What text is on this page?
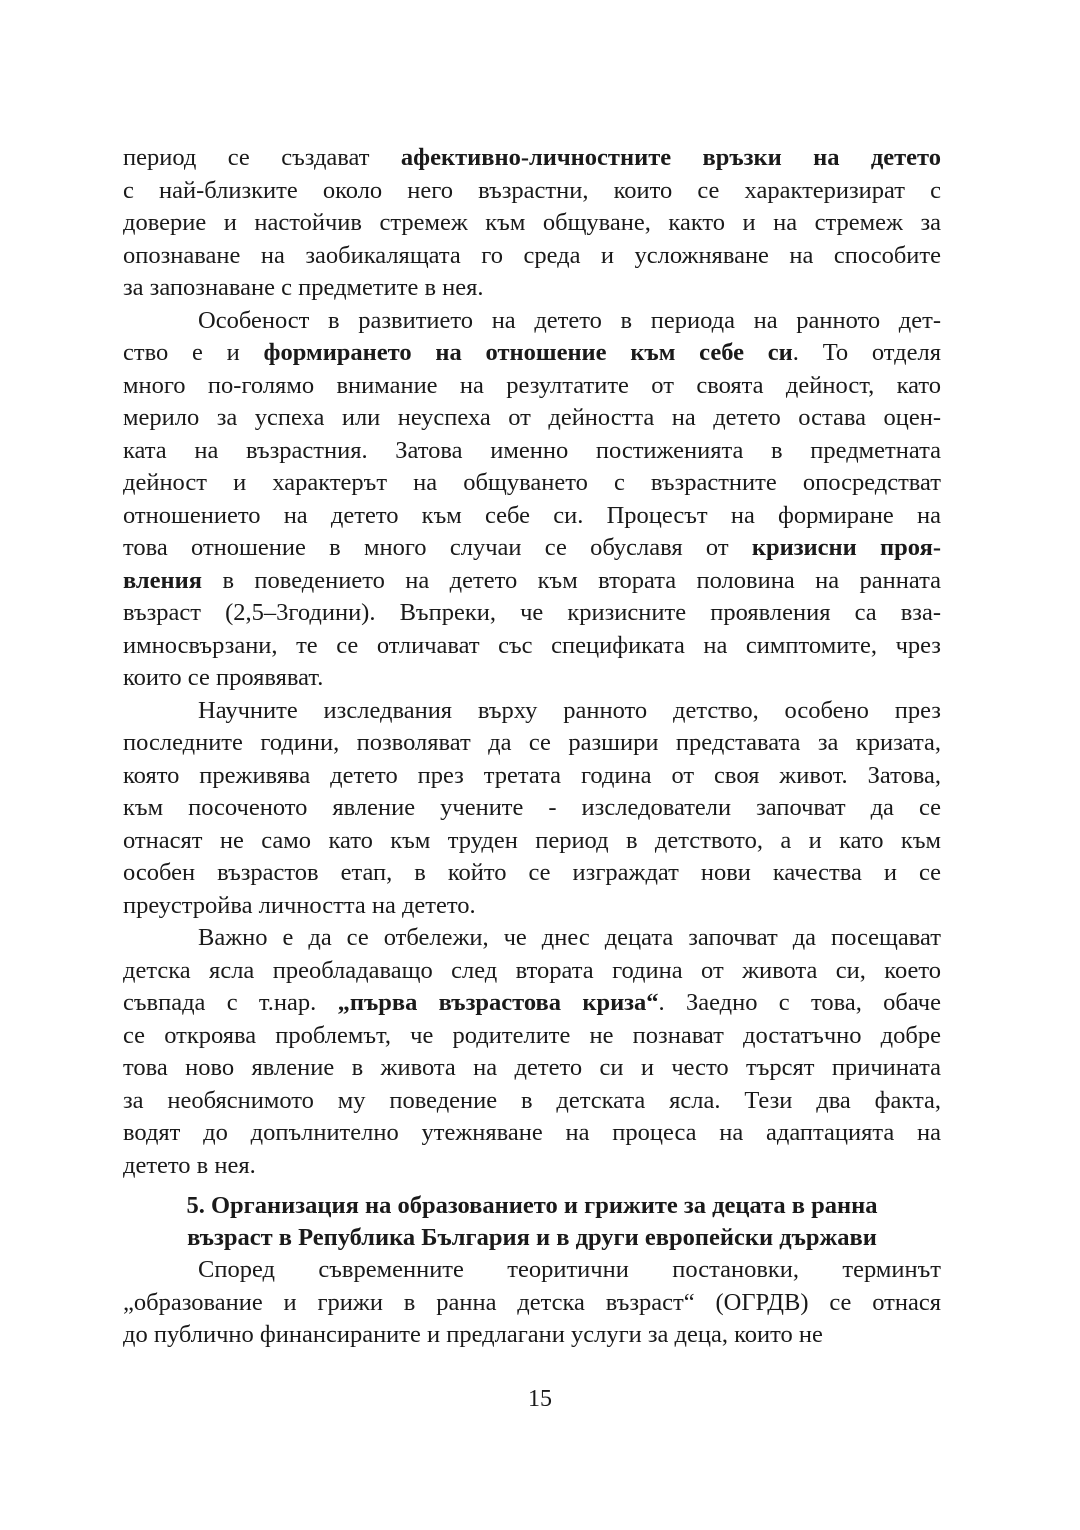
период се създават афективно-личностните връзки на детето
с най-близките около него възрастни, които се характеризират с
доверие и настойчив стремеж към общуване, както и на стремеж за
опознаване на заобикалящата го среда и усложняване на способите
за запознаване с предметите в нея.
Особеност в развитието на детето в периода на ранното дет-
ство е и формирането на отношение към себе си. То отделя
много по-голямо внимание на резултатите от своята дейност, като
мерило за успеха или неуспеха от дейността на детето остава оцен-
ката на възрастния. Затова именно постиженията в предметната
дейност и характерът на общуването с възрастните опосредстват
отношението на детето към себе си. Процесът на формиране на
това отношение в много случаи се обуславя от кризисни проя-
вления в поведението на детето към втората половина на ранната
възраст (2,5–3години). Въпреки, че кризисните проявления са вза-
имносвързани, те се отличават със спецификата на симптомите, чрез
които се проявяват.
Научните изследвания върху ранното детство, особено през
последните години, позволяват да се разшири представата за кризата,
която преживява детето през третата година от своя живот. Затова,
към посоченото явление учените - изследователи започват да се
отнасят не само като към труден период в детството, а и като към
особен възрастов етап, в който се изграждат нови качества и се
преустройва личността на детето.
Важно е да се отбележи, че днес децата започват да посещават
детска ясла преобладаващо след втората година от живота си, което
съвпада с т.нар. „първа възрастова криза“. Заедно с това, обаче
се откроява проблемът, че родителите не познават достатъчно добре
това ново явление в живота на детето си и често търсят причината
за необяснимото му поведение в детската ясла. Тези два факта,
водят до допълнително утежняване на процеса на адаптацията на
детето в нея.
5. Организация на образованието и грижите за децата в ранна
възраст в Република България и в други европейски държави
Според съвременните теоритични постановки, терминът
„образование и грижи в ранна детска възраст“ (ОГРДВ) се отнася
до публично финансираните и предлагани услуги за деца, които не
15
